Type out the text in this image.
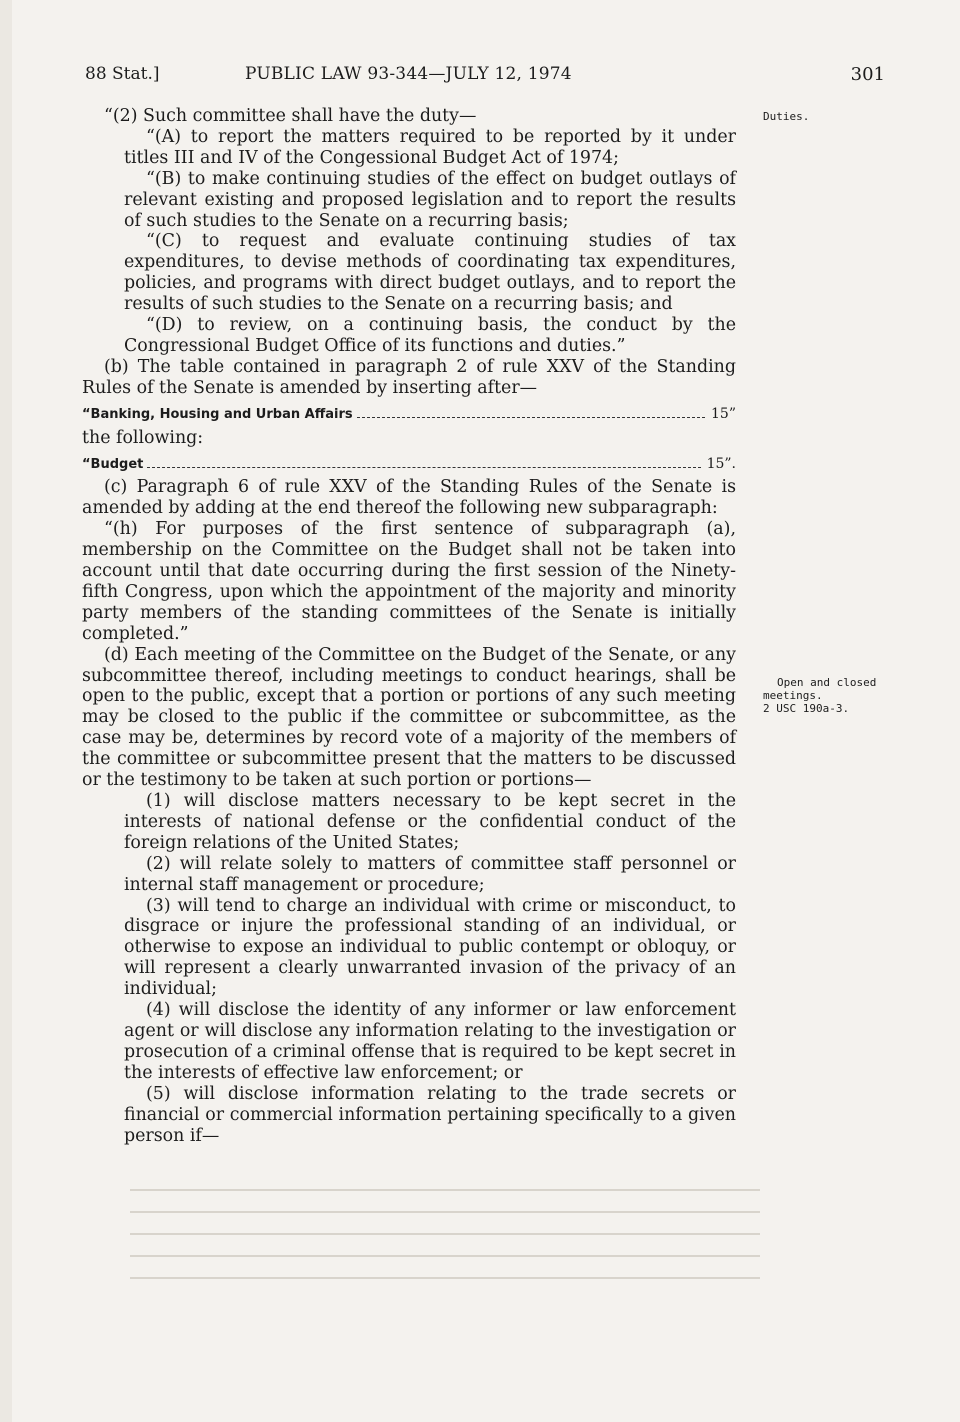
88 Stat.]	PUBLIC LAW 93-344—JULY 12, 1974	301
Duties.
Open and closed
meetings.
2 USC 190a-3.

“(2) Such committee shall have the duty—

“(A) to report the matters required to be reported by it under titles III and IV of the Congessional Budget Act of 1974;

“(B) to make continuing studies of the effect on budget outlays of relevant existing and proposed legislation and to report the results of such studies to the Senate on a recurring basis;

“(C) to request and evaluate continuing studies of tax expenditures, to devise methods of coordinating tax expenditures, policies, and programs with direct budget outlays, and to report the results of such studies to the Senate on a recurring basis; and

“(D) to review, on a continuing basis, the conduct by the Congressional Budget Office of its functions and duties.”

(b) The table contained in paragraph 2 of rule XXV of the Standing Rules of the Senate is amended by inserting after—

“Banking, Housing and Urban Affairs	15”

the following:

“Budget	15”.

(c) Paragraph 6 of rule XXV of the Standing Rules of the Senate is amended by adding at the end thereof the following new subparagraph:

“(h) For purposes of the first sentence of subparagraph (a), membership on the Committee on the Budget shall not be taken into account until that date occurring during the first session of the Ninety-fifth Congress, upon which the appointment of the majority and minority party members of the standing committees of the Senate is initially completed.”

(d) Each meeting of the Committee on the Budget of the Senate, or any subcommittee thereof, including meetings to conduct hearings, shall be open to the public, except that a portion or portions of any such meeting may be closed to the public if the committee or subcommittee, as the case may be, determines by record vote of a majority of the members of the committee or subcommittee present that the matters to be discussed or the testimony to be taken at such portion or portions—

(1) will disclose matters necessary to be kept secret in the interests of national defense or the confidential conduct of the foreign relations of the United States;

(2) will relate solely to matters of committee staff personnel or internal staff management or procedure;

(3) will tend to charge an individual with crime or misconduct, to disgrace or injure the professional standing of an individual, or otherwise to expose an individual to public contempt or obloquy, or will represent a clearly unwarranted invasion of the privacy of an individual;

(4) will disclose the identity of any informer or law enforcement agent or will disclose any information relating to the investigation or prosecution of a criminal offense that is required to be kept secret in the interests of effective law enforcement; or

(5) will disclose information relating to the trade secrets or financial or commercial information pertaining specifically to a given person if—
